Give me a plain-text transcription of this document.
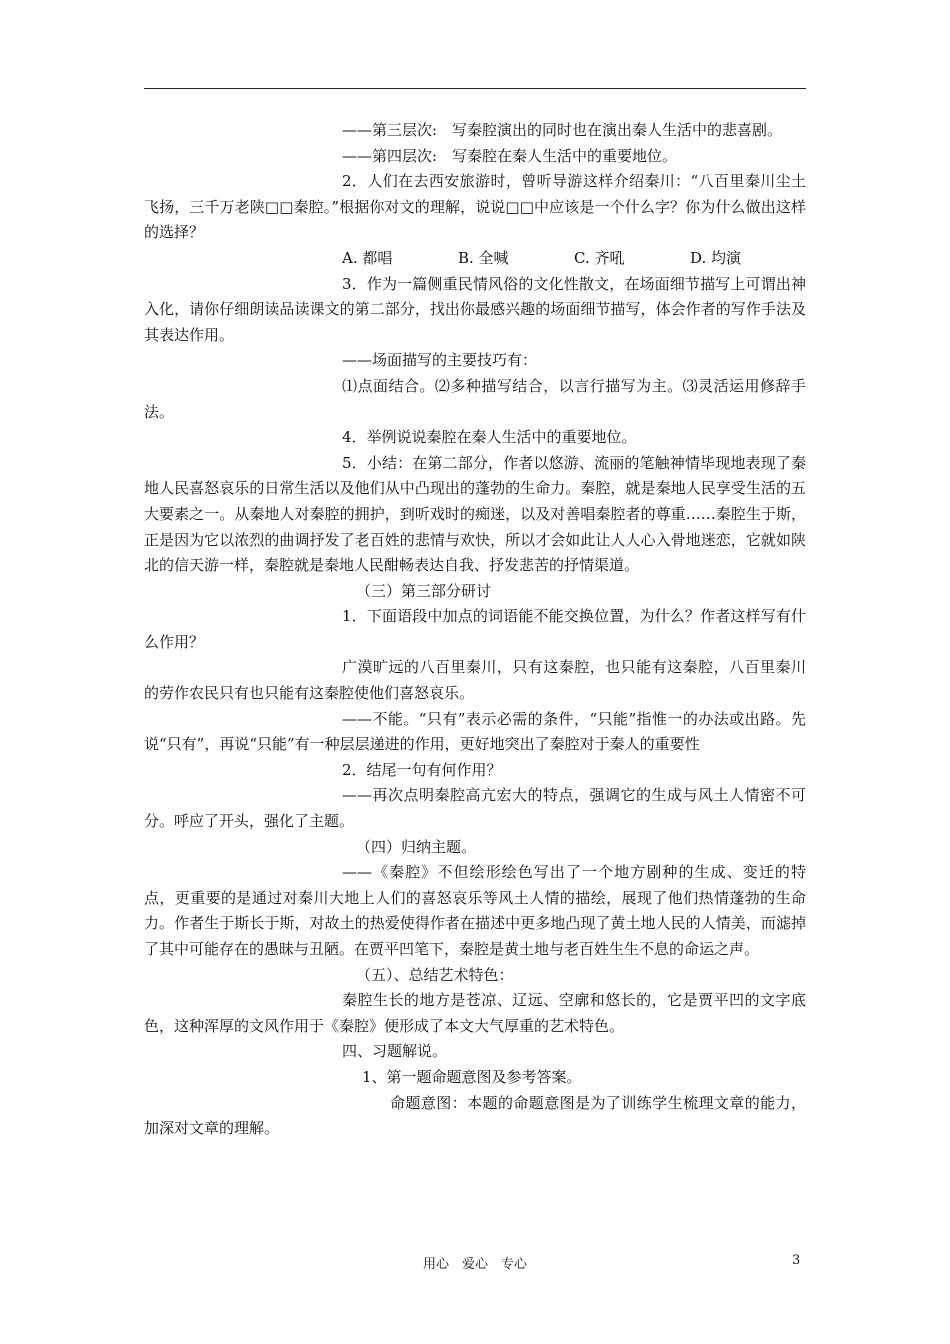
——第三层次:　写秦腔演出的同时也在演出秦人生活中的悲喜剧。

——第四层次:　写秦腔在秦人生活中的重要地位。

2．人们在去西安旅游时，曾听导游这样介绍秦川：“八百里秦川尘土飞扬，三千万老陕□□秦腔。”根据你对文的理解，说说□□中应该是一个什么字？你为什么做出这样的选择？

A. 都唱	B. 全喊	C. 齐吼	D. 均演

3．作为一篇侧重民情风俗的文化性散文，在场面细节描写上可谓出神入化，请你仔细朗读品读课文的第二部分，找出你最感兴趣的场面细节描写，体会作者的写作手法及其表达作用。

——场面描写的主要技巧有：

⑴点面结合。⑵多种描写结合，以言行描写为主。⑶灵活运用修辞手法。

4．举例说说秦腔在秦人生活中的重要地位。

5．小结：在第二部分，作者以悠游、流丽的笔触神情毕现地表现了秦地人民喜怒哀乐的日常生活以及他们从中凸现出的蓬勃的生命力。秦腔，就是秦地人民享受生活的五大要素之一。从秦地人对秦腔的拥护，到听戏时的痴迷，以及对善唱秦腔者的尊重……秦腔生于斯，正是因为它以浓烈的曲调抒发了老百姓的悲情与欢快，所以才会如此让人人心入骨地迷恋，它就如陕北的信天游一样，秦腔就是秦地人民酣畅表达自我、抒发悲苦的抒情渠道。

（三）第三部分研讨

1．下面语段中加点的词语能不能交换位置，为什么？作者这样写有什么作用？

广漠旷远的八百里秦川，只有这秦腔，也只能有这秦腔，八百里秦川的劳作农民只有也只能有这秦腔使他们喜怒哀乐。

——不能。“只有”表示必需的条件，“只能”指惟一的办法或出路。先说“只有”，再说“只能”有一种层层递进的作用，更好地突出了秦腔对于秦人的重要性

2．结尾一句有何作用？

——再次点明秦腔高亢宏大的特点，强调它的生成与风土人情密不可分。呼应了开头，强化了主题。

（四）归纳主题。

——《秦腔》不但绘形绘色写出了一个地方剧种的生成、变迁的特点，更重要的是通过对秦川大地上人们的喜怒哀乐等风土人情的描绘，展现了他们热情蓬勃的生命力。作者生于斯长于斯，对故土的热爱使得作者在描述中更多地凸现了黄土地人民的人情美，而滤掉了其中可能存在的愚昧与丑陋。在贾平凹笔下，秦腔是黄土地与老百姓生生不息的命运之声。

（五）、总结艺术特色：

秦腔生长的地方是苍凉、辽远、空廓和悠长的，它是贾平凹的文字底色，这种浑厚的文风作用于《秦腔》便形成了本文大气厚重的艺术特色。

四、习题解说。

1、第一题命题意图及参考答案。

命题意图：本题的命题意图是为了训练学生梳理文章的能力，加深对文章的理解。

用心　爱心　专心	3
